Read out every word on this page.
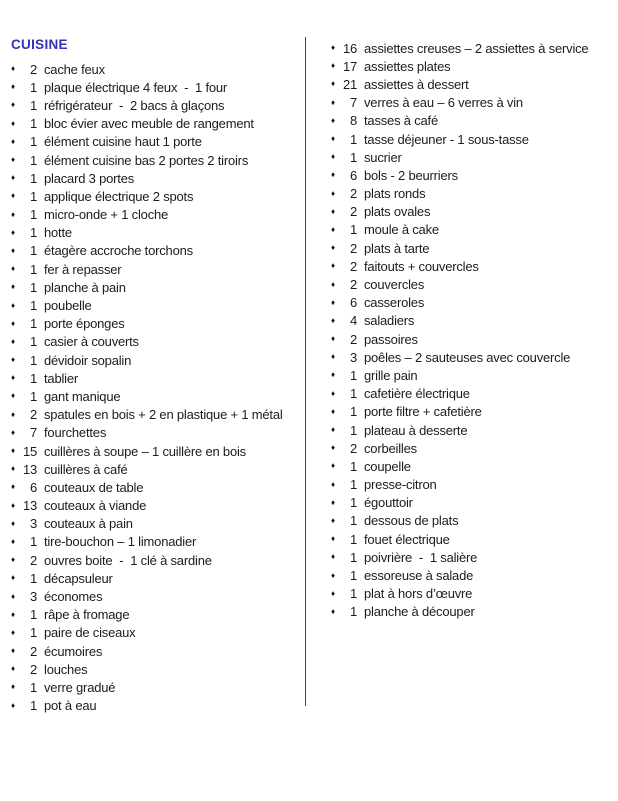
CUISINE
♦	2 cache feux
♦	1 plaque électrique 4 feux  -  1 four
♦	1 réfrigérateur  -  2 bacs à glaçons
♦	1 bloc évier avec meuble de rangement
♦	1 élément cuisine haut 1 porte
♦	1 élément cuisine bas 2 portes 2 tiroirs
♦	1 placard 3 portes
♦	1 applique électrique 2 spots
♦	1 micro-onde + 1 cloche
♦	1 hotte
♦	1 étagère accroche torchons
♦	1 fer à repasser
♦	1 planche à pain
♦	1 poubelle
♦	1 porte éponges
♦	1 casier à couverts
♦	1 dévidoir sopalin
♦	1 tablier
♦	1 gant manique
♦	2 spatules en bois + 2 en plastique + 1 métal
♦	7 fourchettes
♦ 15 cuillères à soupe – 1 cuillère en bois
♦ 13 cuillères à café
♦	6 couteaux de table
♦ 13 couteaux à viande
♦	3 couteaux à pain
♦	1 tire-bouchon – 1 limonadier
♦	2 ouvres boite  -  1 clé à sardine
♦	1 décapsuleur
♦	3 économes
♦	1 râpe à fromage
♦	1 paire de ciseaux
♦	2 écumoires
♦	2 louches
♦	1 verre gradué
♦	1 pot à eau
♦ 16 assiettes creuses – 2 assiettes à service
♦ 17 assiettes plates
♦ 21 assiettes à dessert
♦	7 verres à eau – 6 verres à vin
♦	8 tasses à café
♦	1 tasse déjeuner - 1 sous-tasse
♦	1 sucrier
♦	6 bols - 2 beurriers
♦	2 plats ronds
♦	2 plats ovales
♦	1 moule à cake
♦	2 plats à tarte
♦	2 faitouts + couvercles
♦	2 couvercles
♦	6 casseroles
♦	4 saladiers
♦	2 passoires
♦	3 poêles – 2 sauteuses avec couvercle
♦	1 grille pain
♦	1 cafetière électrique
♦	1 porte filtre + cafetière
♦	1 plateau à desserte
♦	2 corbeilles
♦	1 coupelle
♦	1 presse-citron
♦	1 égouttoir
♦	1 dessous de plats
♦	1 fouet électrique
♦	1 poivrière  -  1 salière
♦	1 essoreuse à salade
♦	1 plat à hors d’œuvre
♦	1 planche à découper
